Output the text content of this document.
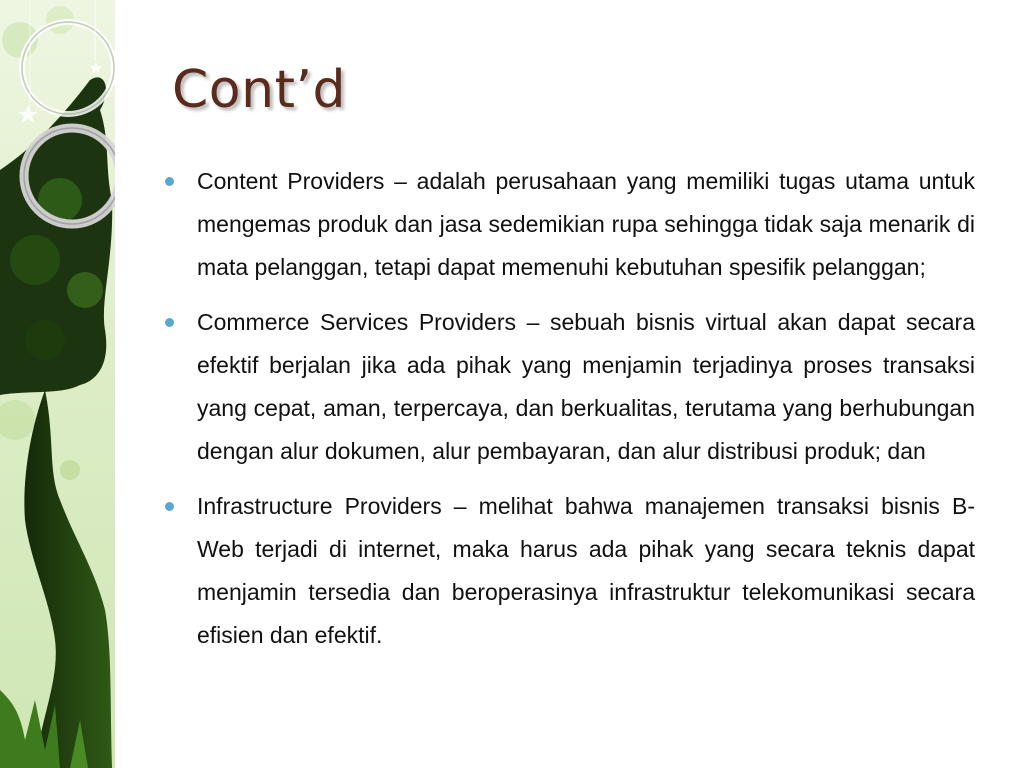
Cont’d
Content Providers – adalah perusahaan yang memiliki tugas utama untuk mengemas produk dan jasa sedemikian rupa sehingga tidak saja menarik di mata pelanggan, tetapi dapat memenuhi kebutuhan spesifik pelanggan;
Commerce Services Providers – sebuah bisnis virtual akan dapat secara efektif berjalan jika ada pihak yang menjamin terjadinya proses transaksi yang cepat, aman, terpercaya, dan berkualitas, terutama yang berhubungan dengan alur dokumen, alur pembayaran, dan alur distribusi produk; dan
Infrastructure Providers – melihat bahwa manajemen transaksi bisnis B-Web terjadi di internet, maka harus ada pihak yang secara teknis dapat menjamin tersedia dan beroperasinya infrastruktur telekomunikasi secara efisien dan efektif.
